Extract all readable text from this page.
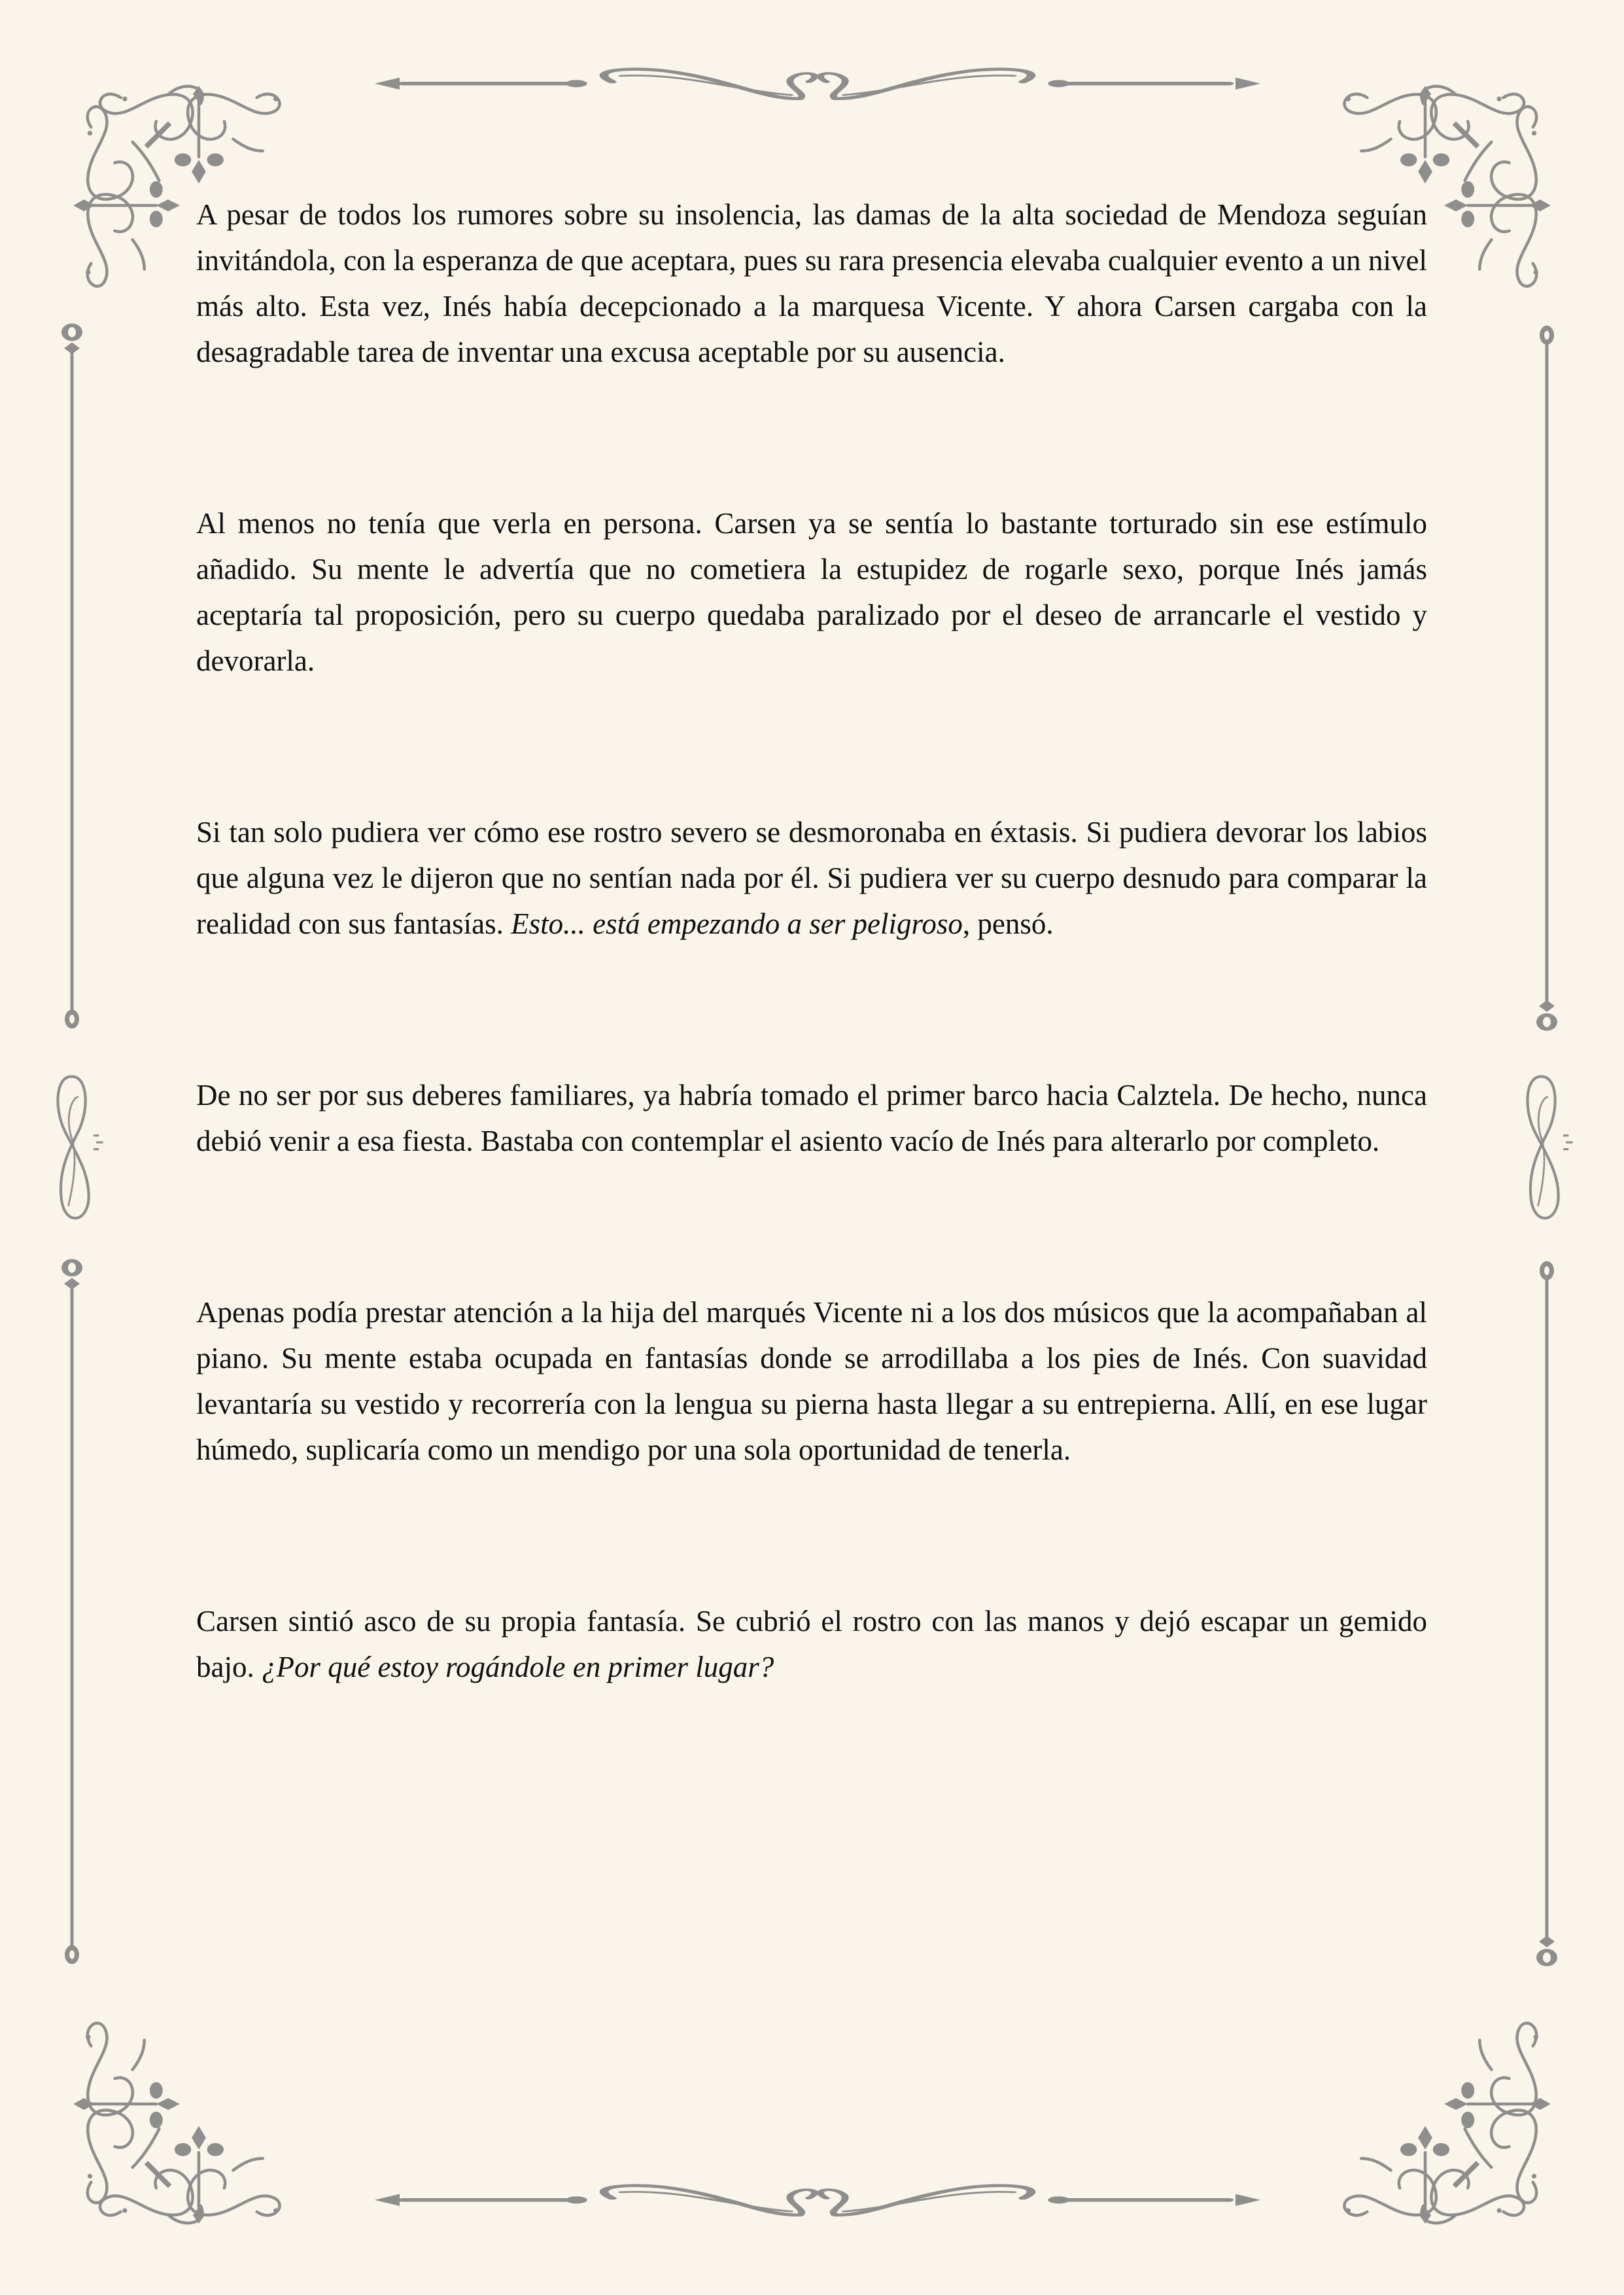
A pesar de todos los rumores sobre su insolencia, las damas de la alta sociedad de Mendoza seguían invitándola, con la esperanza de que aceptara, pues su rara presencia elevaba cualquier evento a un nivel más alto. Esta vez, Inés había decepcionado a la marquesa Vicente. Y ahora Carsen cargaba con la desagradable tarea de inventar una excusa aceptable por su ausencia.

Al menos no tenía que verla en persona. Carsen ya se sentía lo bastante torturado sin ese estímulo añadido. Su mente le advertía que no cometiera la estupidez de rogarle sexo, porque Inés jamás aceptaría tal proposición, pero su cuerpo quedaba paralizado por el deseo de arrancarle el vestido y devorarla.

Si tan solo pudiera ver cómo ese rostro severo se desmoronaba en éxtasis. Si pudiera devorar los labios que alguna vez le dijeron que no sentían nada por él. Si pudiera ver su cuerpo desnudo para comparar la realidad con sus fantasías. Esto... está empezando a ser peligroso, pensó.

De no ser por sus deberes familiares, ya habría tomado el primer barco hacia Calztela. De hecho, nunca debió venir a esa fiesta. Bastaba con contemplar el asiento vacío de Inés para alterarlo por completo.

Apenas podía prestar atención a la hija del marqués Vicente ni a los dos músicos que la acompañaban al piano. Su mente estaba ocupada en fantasías donde se arrodillaba a los pies de Inés. Con suavidad levantaría su vestido y recorrería con la lengua su pierna hasta llegar a su entrepierna. Allí, en ese lugar húmedo, suplicaría como un mendigo por una sola oportunidad de tenerla.

Carsen sintió asco de su propia fantasía. Se cubrió el rostro con las manos y dejó escapar un gemido bajo. ¿Por qué estoy rogándole en primer lugar?
